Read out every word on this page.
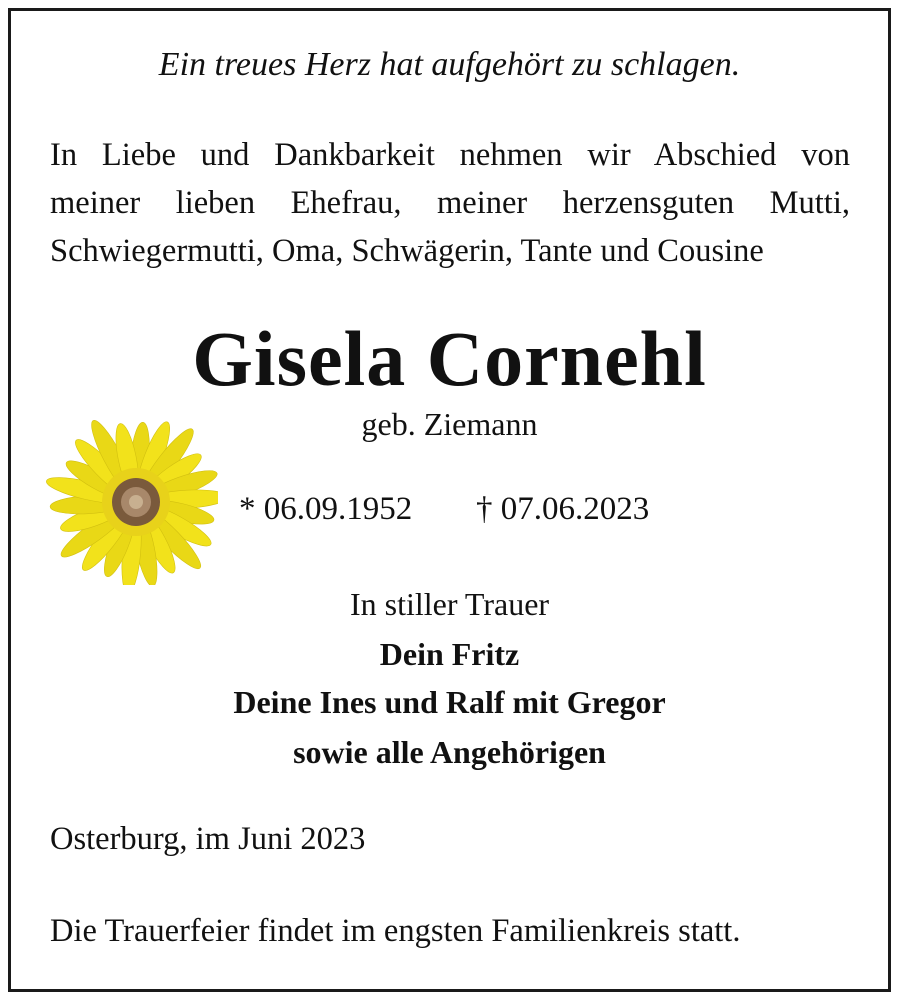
Ein treues Herz hat aufgehört zu schlagen.
In Liebe und Dankbarkeit nehmen wir Abschied von
meiner lieben Ehefrau, meiner herzensguten Mutti,
Schwiegermutti, Oma, Schwägerin, Tante und Cousine
Gisela Cornehl
geb. Ziemann
* 06.09.1952 † 07.06.2023
In stiller Trauer
Dein Fritz
Deine Ines und Ralf mit Gregor
sowie alle Angehörigen
Osterburg, im Juni 2023
Die Trauerfeier findet im engsten Familienkreis statt.
